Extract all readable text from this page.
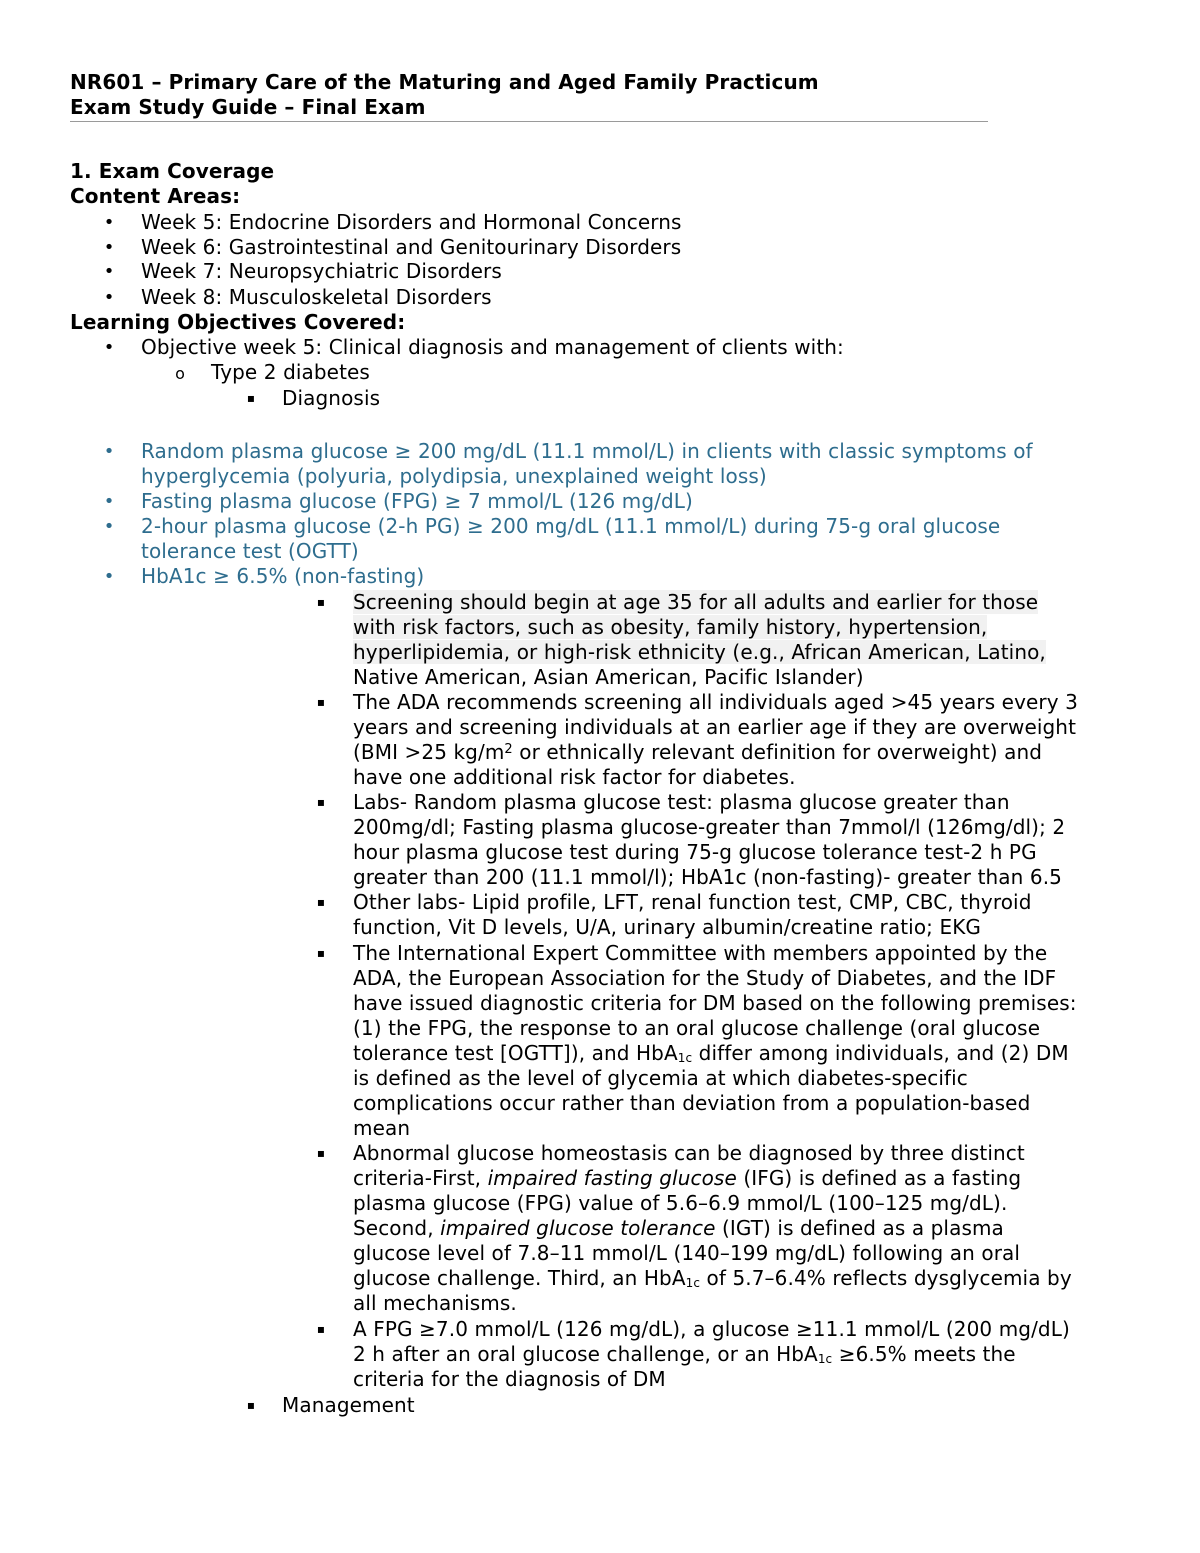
NR601 – Primary Care of the Maturing and Aged Family Practicum
Exam Study Guide – Final Exam
1. Exam Coverage
Content Areas:
• Week 5: Endocrine Disorders and Hormonal Concerns
• Week 6: Gastrointestinal and Genitourinary Disorders
• Week 7: Neuropsychiatric Disorders
• Week 8: Musculoskeletal Disorders
Learning Objectives Covered:
• Objective week 5: Clinical diagnosis and management of clients with:
o Type 2 diabetes
▪ Diagnosis
• Random plasma glucose ≥ 200 mg/dL (11.1 mmol/L) in clients with classic symptoms of
hyperglycemia (polyuria, polydipsia, unexplained weight loss)
• Fasting plasma glucose (FPG) ≥ 7 mmol/L (126 mg/dL)
• 2-hour plasma glucose (2-h PG) ≥ 200 mg/dL (11.1 mmol/L) during 75-g oral glucose
tolerance test (OGTT)
• HbA1c ≥ 6.5% (non-fasting)
▪ Screening should begin at age 35 for all adults and earlier for those
with risk factors, such as obesity, family history, hypertension,
hyperlipidemia, or high-risk ethnicity (e.g., African American, Latino,
Native American, Asian American, Pacific Islander)
▪ The ADA recommends screening all individuals aged >45 years every 3
years and screening individuals at an earlier age if they are overweight
(BMI >25 $kg/m^2$ or ethnically relevant definition for overweight) and
have one additional risk factor for diabetes.
▪ Labs- Random plasma glucose test: plasma glucose greater than
200mg/dl; Fasting plasma glucose-greater than 7mmol/l (126mg/dl); 2
hour plasma glucose test during 75-g glucose tolerance test-2 h PG
greater than 200 (11.1 mmol/l); HbA1c (non-fasting)- greater than 6.5
▪ Other labs- Lipid profile, LFT, renal function test, CMP, CBC, thyroid
function, Vit D levels, U/A, urinary albumin/creatine ratio; EKG
▪ The International Expert Committee with members appointed by the
ADA, the European Association for the Study of Diabetes, and the IDF
have issued diagnostic criteria for DM based on the following premises:
(1) the FPG, the response to an oral glucose challenge (oral glucose
tolerance test [OGTT]), and HbA$_{1c}$ differ among individuals, and (2) DM
is defined as the level of glycemia at which diabetes-specific
complications occur rather than deviation from a population-based
mean
▪ Abnormal glucose homeostasis can be diagnosed by three distinct
criteria-First, impaired fasting glucose (IFG) is defined as a fasting
plasma glucose (FPG) value of 5.6–6.9 mmol/L (100–125 mg/dL).
Second, impaired glucose tolerance (IGT) is defined as a plasma
glucose level of 7.8–11 mmol/L (140–199 mg/dL) following an oral
glucose challenge. Third, an HbA$_{1c}$ of 5.7–6.4% reflects dysglycemia by
all mechanisms.
▪ A FPG ≥7.0 mmol/L (126 mg/dL), a glucose ≥11.1 mmol/L (200 mg/dL)
2 h after an oral glucose challenge, or an HbA$_{1c}$ ≥6.5% meets the
criteria for the diagnosis of DM
▪ Management
